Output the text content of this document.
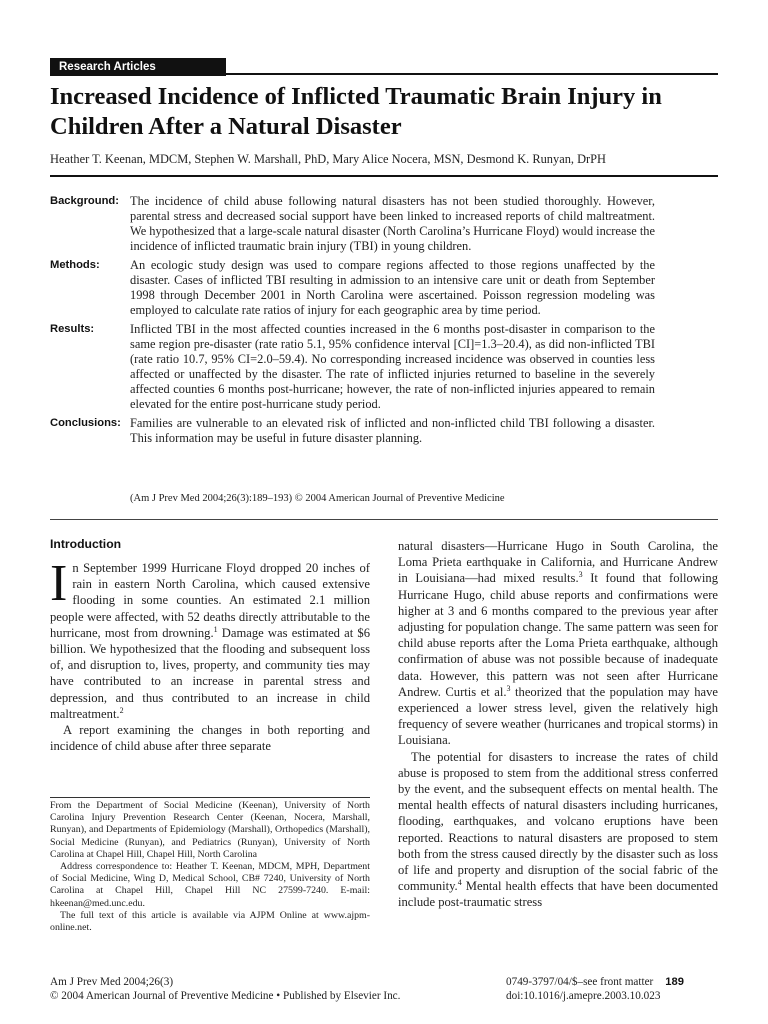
Research Articles
Increased Incidence of Inflicted Traumatic Brain Injury in Children After a Natural Disaster
Heather T. Keenan, MDCM, Stephen W. Marshall, PhD, Mary Alice Nocera, MSN, Desmond K. Runyan, DrPH
Background: The incidence of child abuse following natural disasters has not been studied thoroughly. However, parental stress and decreased social support have been linked to increased reports of child maltreatment. We hypothesized that a large-scale natural disaster (North Carolina’s Hurricane Floyd) would increase the incidence of inflicted traumatic brain injury (TBI) in young children.
Methods:	An ecologic study design was used to compare regions affected to those regions unaffected by the disaster. Cases of inflicted TBI resulting in admission to an intensive care unit or death from September 1998 through December 2001 in North Carolina were ascertained. Poisson regression modeling was employed to calculate rate ratios of injury for each geographic area by time period.
Results:	Inflicted TBI in the most affected counties increased in the 6 months post-disaster in comparison to the same region pre-disaster (rate ratio 5.1, 95% confidence interval [CI]=1.3–20.4), as did non-inflicted TBI (rate ratio 10.7, 95% CI=2.0–59.4). No corresponding increased incidence was observed in counties less affected or unaffected by the disaster. The rate of inflicted injuries returned to baseline in the severely affected counties 6 months post-hurricane; however, the rate of non-inflicted injuries appeared to remain elevated for the entire post-hurricane study period.
Conclusions: Families are vulnerable to an elevated risk of inflicted and non-inflicted child TBI following a disaster. This information may be useful in future disaster planning.
(Am J Prev Med 2004;26(3):189–193) © 2004 American Journal of Preventive Medicine
Introduction

In September 1999 Hurricane Floyd dropped 20 inches of rain in eastern North Carolina, which caused extensive flooding in some counties. An estimated 2.1 million people were affected, with 52 deaths directly attributable to the hurricane, most from drowning.$^1$ Damage was estimated at $6 billion. We hypothesized that the flooding and subsequent loss of, and disruption to, lives, property, and community ties may have contributed to an increase in parental stress and depression, and thus contributed to an increase in child maltreatment.$^2$

A report examining the changes in both reporting and incidence of child abuse after three separate

natural disasters—Hurricane Hugo in South Carolina, the Loma Prieta earthquake in California, and Hurricane Andrew in Louisiana—had mixed results.$^3$ It found that following Hurricane Hugo, child abuse reports and confirmations were higher at 3 and 6 months compared to the previous year after adjusting for population change. The same pattern was seen for child abuse reports after the Loma Prieta earthquake, although confirmation of abuse was not possible because of inadequate data. However, this pattern was not seen after Hurricane Andrew. Curtis et al.$^3$ theorized that the population may have experienced a lower stress level, given the relatively high frequency of severe weather (hurricanes and tropical storms) in Louisiana.

The potential for disasters to increase the rates of child abuse is proposed to stem from the additional stress conferred by the event, and the subsequent effects on mental health. The mental health effects of natural disasters including hurricanes, flooding, earthquakes, and volcano eruptions have been reported. Reactions to natural disasters are proposed to stem both from the stress caused directly by the disaster such as loss of life and property and disruption of the social fabric of the community.$^4$ Mental health effects that have been documented include post-traumatic stress

From the Department of Social Medicine (Keenan), University of North Carolina Injury Prevention Research Center (Keenan, Nocera, Marshall, Runyan), and Departments of Epidemiology (Marshall), Orthopedics (Marshall), Social Medicine (Runyan), and Pediatrics (Runyan), University of North Carolina at Chapel Hill, Chapel Hill, North Carolina

Address correspondence to: Heather T. Keenan, MDCM, MPH, Department of Social Medicine, Wing D, Medical School, CB# 7240, University of North Carolina at Chapel Hill, Chapel Hill NC 27599-7240. E-mail: hkeenan@med.unc.edu.

The full text of this article is available via AJPM Online at www.ajpm-online.net.

Am J Prev Med 2004;26(3)
© 2004 American Journal of Preventive Medicine • Published by Elsevier Inc.
0749-3797/04/$–see front matter 189
doi:10.1016/j.amepre.2003.10.023
